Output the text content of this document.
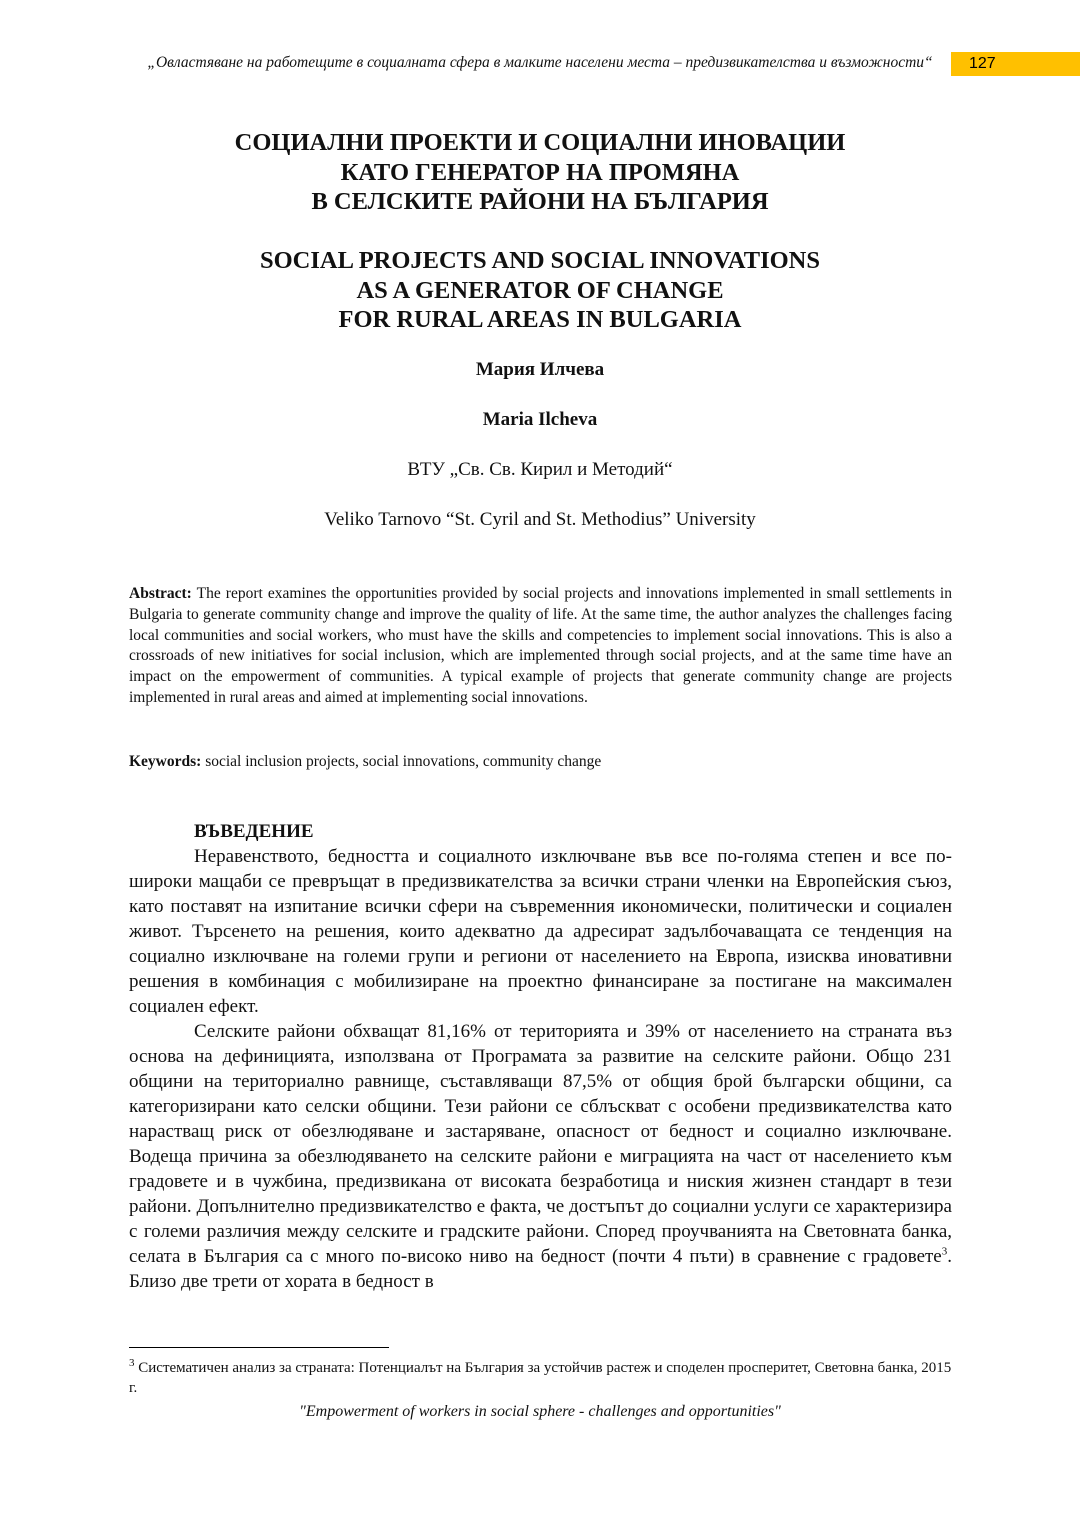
„Овластяване на работещите в социалната сфера в малките населени места – предизвикателства и възможности“	127
СОЦИАЛНИ ПРОЕКТИ И СОЦИАЛНИ ИНОВАЦИИ
КАТО ГЕНЕРАТОР НА ПРОМЯНА
В СЕЛСКИТЕ РАЙОНИ НА БЪЛГАРИЯ
SOCIAL PROJECTS AND SOCIAL INNOVATIONS
AS A GENERATOR OF CHANGE
FOR RURAL AREAS IN BULGARIA
Мария Илчева
Maria Ilcheva
ВТУ „Св. Св. Кирил и Методий“
Veliko Tarnovo “St. Cyril and St. Methodius” University
Abstract: The report examines the opportunities provided by social projects and innovations implemented in small settlements in Bulgaria to generate community change and improve the quality of life. At the same time, the author analyzes the challenges facing local communities and social workers, who must have the skills and competencies to implement social innovations. This is also a crossroads of new initiatives for social inclusion, which are implemented through social projects, and at the same time have an impact on the empowerment of communities. A typical example of projects that generate community change are projects implemented in rural areas and aimed at implementing social innovations.
Keywords: social inclusion projects, social innovations, community change
ВЪВЕДЕНИЕ

Неравенството, бедността и социалното изключване във все по-голяма степен и все по-широки мащаби се превръщат в предизвикателства за всички страни членки на Европейския съюз, като поставят на изпитание всички сфери на съвременния икономически, политически и социален живот. Търсенето на решения, които адекватно да адресират задълбочаващата се тенденция на социално изключване на големи групи и региони от населението на Европа, изисква иновативни решения в комбинация с мобилизиране на проектно финансиране за постигане на максимален социален ефект.

Селските райони обхващат 81,16% от територията и 39% от населението на страната въз основа на дефиницията, използвана от Програмата за развитие на селските райони. Общо 231 общини на териториално равнище, съставляващи 87,5% от общия брой български общини, са категоризирани като селски общини. Тези райони се сблъскват с особени предизвикателства като нарастващ риск от обезлюдяване и застаряване, опасност от бедност и социално изключване. Водеща причина за обезлюдяването на селските райони е миграцията на част от населението към градовете и в чужбина, предизвикана от високата безработица и ниския жизнен стандарт в тези райони. Допълнително предизвикателство е факта, че достъпът до социални услуги се характеризира с големи различия между селските и градските райони. Според проучванията на Световната банка, селата в България са с много по-високо ниво на бедност (почти 4 пъти) в сравнение с градовете$^3$. Близо две трети от хората в бедност в

$^3$ Систематичен анализ за страната: Потенциалът на България за устойчив растеж и споделен просперитет, Световна банка, 2015 г.
"Empowerment of workers in social sphere - challenges and opportunities"
